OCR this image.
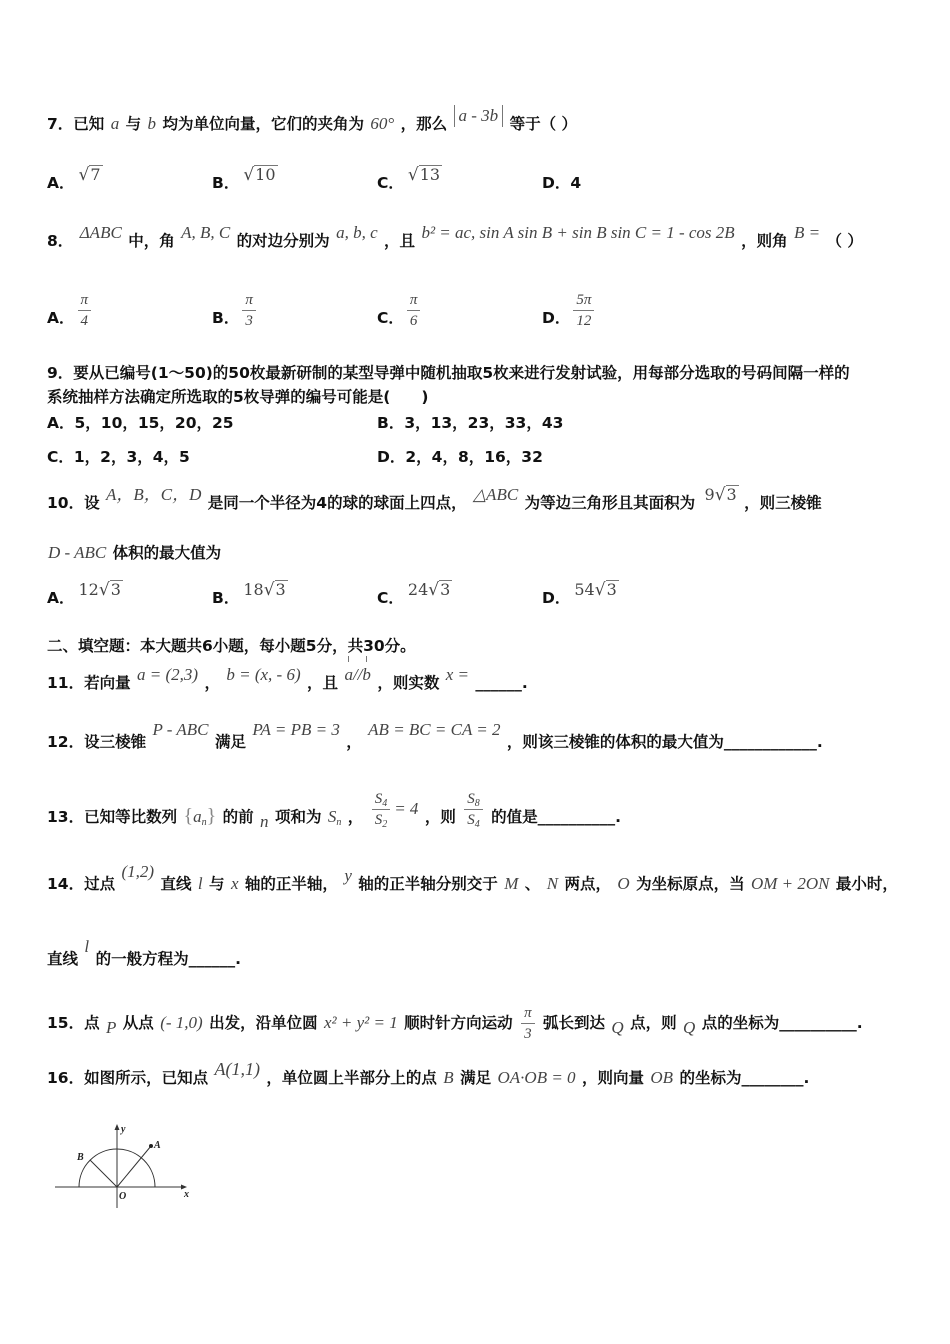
7．已知 a 与 b 均为单位向量，它们的夹角为 60° ，那么 a - 3b 等于（ ）
A． √7	B． √10	C． √13	D．4
8． ΔABC 中，角 A, B, C 的对边分别为 a, b, c ，且 b² = ac, sin A sin B + sin B sin C = 1 - cos 2B ，则角 B = （ ）
A． $\frac{\pi}{4}$	B． $\frac{\pi}{3}$	C． $\frac{\pi}{6}$	D． $\frac{5\pi}{12}$
9．要从已编号(1～50)的50枚最新研制的某型导弹中随机抽取5枚来进行发射试验，用每部分选取的号码间隔一样的
系统抽样方法确定所选取的5枚导弹的编号可能是(　　)
A．5，10，15，20，25	B．3，13，23，33，43
C．1，2，3，4，5	D．2，4，8，16，32
10．设 A，B，C，D 是同一个半径为4的球的球面上四点， △ABC 为等边三角形且其面积为 9√3 ，则三棱锥
D - ABC 体积的最大值为
A． 12√3	B． 18√3	C． 24√3	D． 54√3
二、填空题：本大题共6小题，每小题5分，共30分。
11．若向量 a = (2,3) ， b = (x, - 6) ，且 a//b ，则实数 x = ______.
12．设三棱锥 P - ABC 满足 PA = PB = 3 ， AB = BC = CA = 2 ，则该三棱锥的体积的最大值为____________.
13．已知等比数列 $\{a_n\}$ 的前 n 项和为 $S_n$ ， $\frac{S_4}{S_2} = 4$ ，则 $\frac{S_8}{S_4}$ 的值是__________.
14．过点 (1,2) 直线 l 与 x 轴的正半轴， y 轴的正半轴分别交于 M 、 N 两点， O 为坐标原点，当 OM + 2ON 最小时，
直线 l 的一般方程为______.
15．点 P 从点 (- 1,0) 出发，沿单位圆 x² + y² = 1 顺时针方向运动 $\frac{\pi}{3}$ 弧长到达 Q 点，则 Q 点的坐标为__________.
16．如图所示，已知点 A(1,1) ，单位圆上半部分上的点 B 满足 OA·OB = 0 ，则向量 OB 的坐标为________.
y
x
A
B
O
